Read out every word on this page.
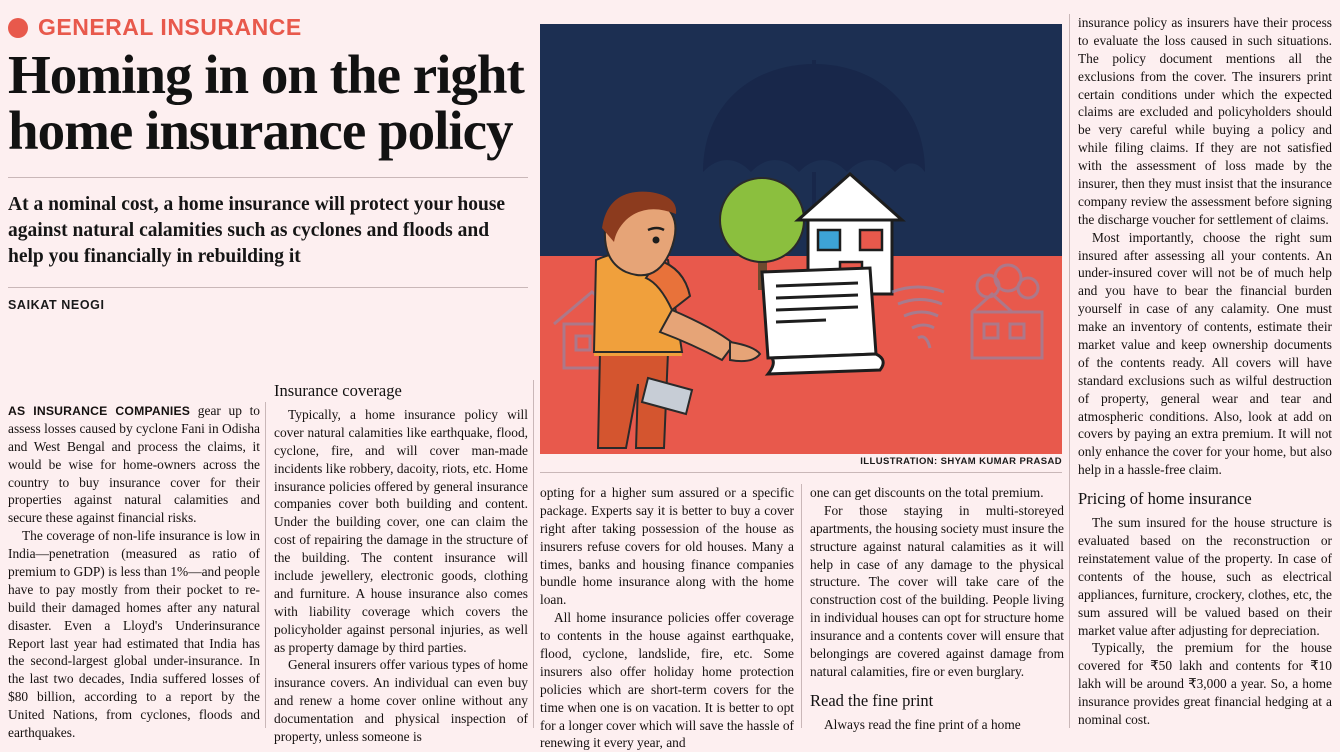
GENERAL INSURANCE
Homing in on the right home insurance policy
At a nominal cost, a home insurance will protect your house against natural calamities such as cyclones and floods and help you financially in rebuilding it
SAIKAT NEOGI

AS INSURANCE COMPANIES gear up to assess losses caused by cyclone Fani in Odisha and West Bengal and process the claims, it would be wise for home-owners across the country to buy insurance cover for their properties against natural calamities and secure these against financial risks.

The coverage of non-life insurance is low in India—penetration (measured as ratio of premium to GDP) is less than 1%—and people have to pay mostly from their pocket to re-build their damaged homes after any natural disaster. Even a Lloyd's Underinsurance Report last year had estimated that India has the second-largest global under-insurance. In the last two decades, India suffered losses of $80 billion, according to a report by the United Nations, from cyclones, floods and earthquakes.

Insurance coverage

Typically, a home insurance policy will cover natural calamities like earthquake, flood, cyclone, fire, and will cover man-made incidents like robbery, dacoity, riots, etc. Home insurance policies offered by general insurance companies cover both building and content. Under the building cover, one can claim the cost of repairing the damage in the structure of the building. The content insurance will include jewellery, electronic goods, clothing and furniture. A house insurance also comes with liability coverage which covers the policyholder against personal injuries, as well as property damage by third parties.

General insurers offer various types of home insurance covers. An individual can even buy and renew a home cover online without any documentation and physical inspection of property, unless someone is

opting for a higher sum assured or a specific package. Experts say it is better to buy a cover right after taking possession of the house as insurers refuse covers for old houses. Many a times, banks and housing finance companies bundle home insurance along with the home loan.

All home insurance policies offer coverage to contents in the house against earthquake, flood, cyclone, landslide, fire, etc. Some insurers also offer holiday home protection policies which are short-term covers for the time when one is on vacation. It is better to opt for a longer cover which will save the hassle of renewing it every year, and

one can get discounts on the total premium.

For those staying in multi-storeyed apartments, the housing society must insure the structure against natural calamities as it will help in case of any damage to the physical structure. The cover will take care of the construction cost of the building. People living in individual houses can opt for structure home insurance and a contents cover will ensure that belongings are covered against damage from natural calamities, fire or even burglary.

Read the fine print

Always read the fine print of a home

insurance policy as insurers have their process to evaluate the loss caused in such situations. The policy document mentions all the exclusions from the cover. The insurers print certain conditions under which the expected claims are excluded and policyholders should be very careful while buying a policy and while filing claims. If they are not satisfied with the assessment of loss made by the insurer, then they must insist that the insurance company review the assessment before signing the discharge voucher for settlement of claims.

Most importantly, choose the right sum insured after assessing all your contents. An under-insured cover will not be of much help and you have to bear the financial burden yourself in case of any calamity. One must make an inventory of contents, estimate their market value and keep ownership documents of the contents ready. All covers will have standard exclusions such as wilful destruction of property, general wear and tear and atmospheric conditions. Also, look at add on covers by paying an extra premium. It will not only enhance the cover for your home, but also help in a hassle-free claim.

Pricing of home insurance

The sum insured for the house structure is evaluated based on the reconstruction or reinstatement value of the property. In case of contents of the house, such as electrical appliances, furniture, crockery, clothes, etc, the sum assured will be valued based on their market value after adjusting for depreciation.

Typically, the premium for the house covered for ₹50 lakh and contents for ₹10 lakh will be around ₹3,000 a year. So, a home insurance provides great financial hedging at a nominal cost.

ILLUSTRATION: SHYAM KUMAR PRASAD
